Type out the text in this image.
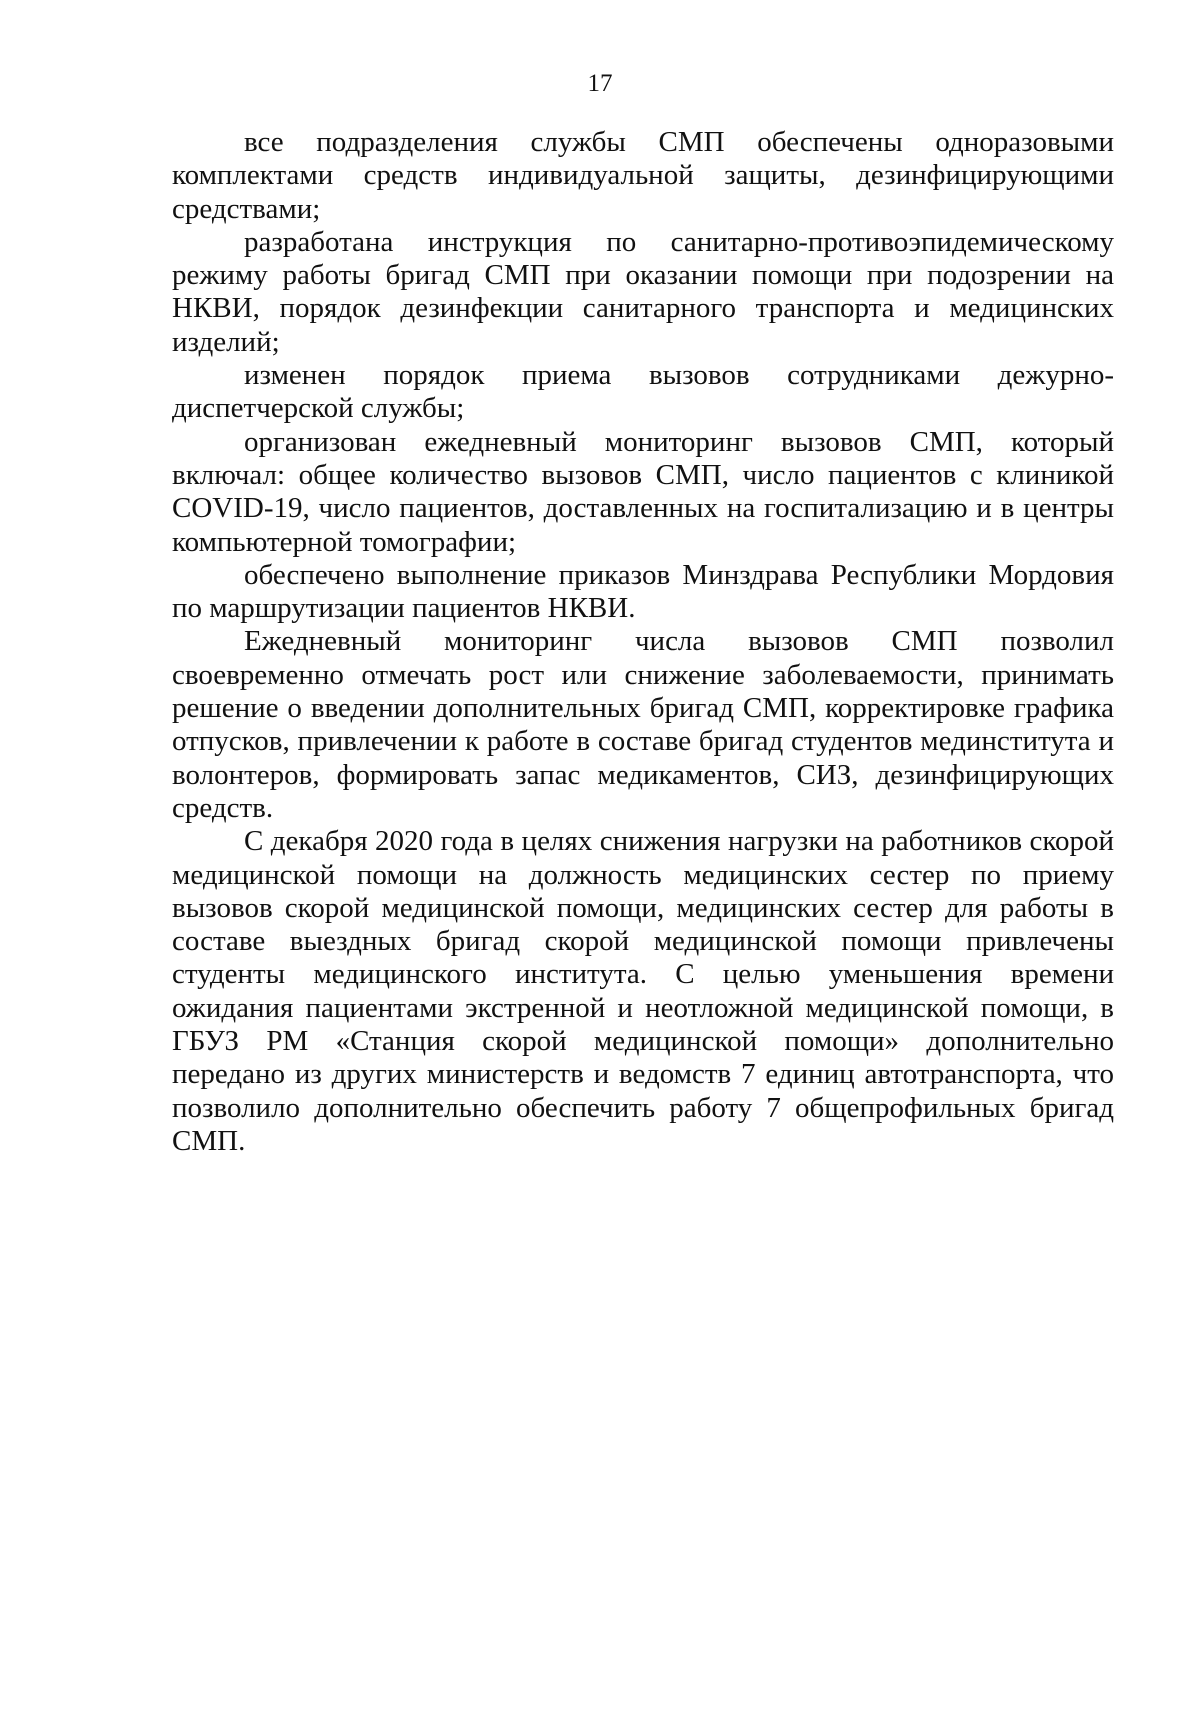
17

все подразделения службы СМП обеспечены одноразовыми комплектами средств индивидуальной защиты, дезинфицирующими средствами;

разработана инструкция по санитарно-противоэпидемическому режиму работы бригад СМП при оказании помощи при подозрении на НКВИ, порядок дезинфекции санитарного транспорта и медицинских изделий;

изменен порядок приема вызовов сотрудниками дежурно-диспетчерской службы;

организован ежедневный мониторинг вызовов СМП, который включал: общее количество вызовов СМП, число пациентов с клиникой COVID-19, число пациентов, доставленных на госпитализацию и в центры компьютерной томографии;

обеспечено выполнение приказов Минздрава Республики Мордовия по маршрутизации пациентов НКВИ.

Ежедневный мониторинг числа вызовов СМП позволил своевременно отмечать рост или снижение заболеваемости, принимать решение о введении дополнительных бригад СМП, корректировке графика отпусков, привлечении к работе в составе бригад студентов мединститута и волонтеров, формировать запас медикаментов, СИЗ, дезинфицирующих средств.

С декабря 2020 года в целях снижения нагрузки на работников скорой медицинской помощи на должность медицинских сестер по приему вызовов скорой медицинской помощи, медицинских сестер для работы в составе выездных бригад скорой медицинской помощи привлечены студенты медицинского института. С целью уменьшения времени ожидания пациентами экстренной и неотложной медицинской помощи, в ГБУЗ РМ «Станция скорой медицинской помощи» дополнительно передано из других министерств и ведомств 7 единиц автотранспорта, что позволило дополнительно обеспечить работу 7 общепрофильных бригад СМП.
